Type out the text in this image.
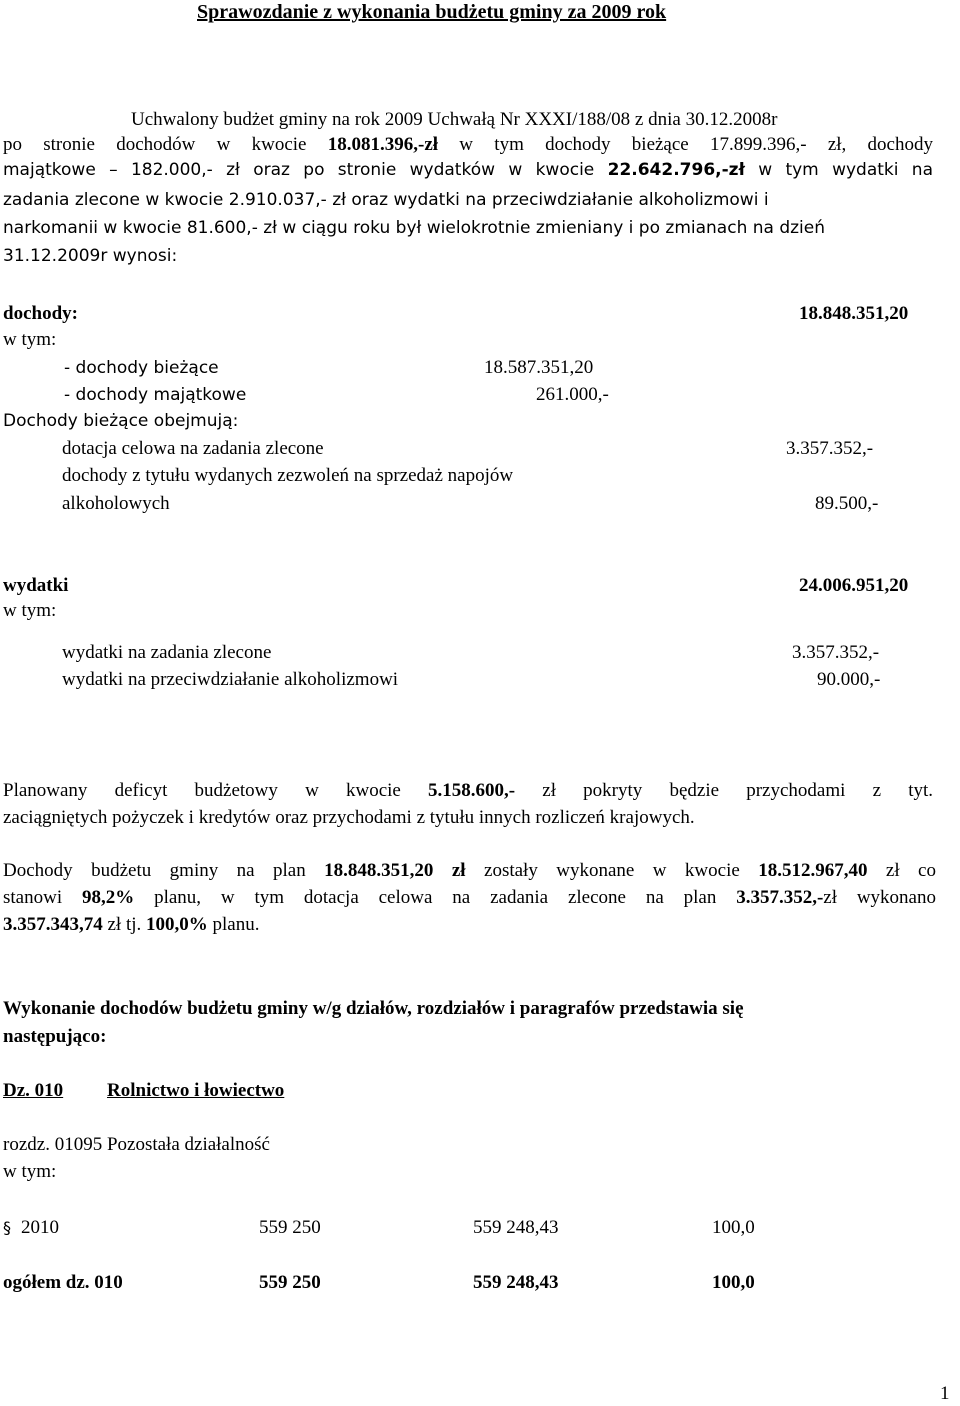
Sprawozdanie z wykonania budżetu gminy za 2009 rok
Uchwalony budżet gminy na rok 2009 Uchwałą Nr XXXI/188/08 z dnia 30.12.2008r
po stronie dochodów w kwocie 18.081.396,-zł w tym dochody bieżące 17.899.396,- zł, dochody
majątkowe – 182.000,- zł oraz po stronie wydatków w kwocie 22.642.796,-zł w tym wydatki na
zadania zlecone w kwocie 2.910.037,- zł oraz wydatki na przeciwdziałanie alkoholizmowi i
narkomanii w kwocie 81.600,- zł w ciągu roku był wielokrotnie zmieniany i po zmianach na dzień
31.12.2009r wynosi:
dochody:	18.848.351,20
w tym:
- dochody bieżące	18.587.351,20
- dochody majątkowe	261.000,-
Dochody bieżące obejmują:
dotacja celowa na zadania zlecone	3.357.352,-
dochody z tytułu wydanych zezwoleń na sprzedaż napojów
alkoholowych	89.500,-
wydatki	24.006.951,20
w tym:
wydatki na zadania zlecone	3.357.352,-
wydatki na przeciwdziałanie alkoholizmowi	90.000,-
Planowany deficyt budżetowy w kwocie 5.158.600,- zł pokryty będzie przychodami z tyt.
zaciągniętych pożyczek i kredytów oraz przychodami z tytułu innych rozliczeń krajowych.
Dochody budżetu gminy na plan 18.848.351,20 zł zostały wykonane w kwocie 18.512.967,40 zł co
stanowi 98,2% planu, w tym dotacja celowa na zadania zlecone na plan 3.357.352,-zł wykonano
3.357.343,74 zł tj. 100,0% planu.
Wykonanie dochodów budżetu gminy w/g działów, rozdziałów i paragrafów przedstawia się
następująco:
Dz. 010	Rolnictwo i łowiectwo
rozdz. 01095 Pozostała działalność
w tym:
§ 2010	559 250	559 248,43	100,0
ogółem dz. 010	559 250	559 248,43	100,0
1
